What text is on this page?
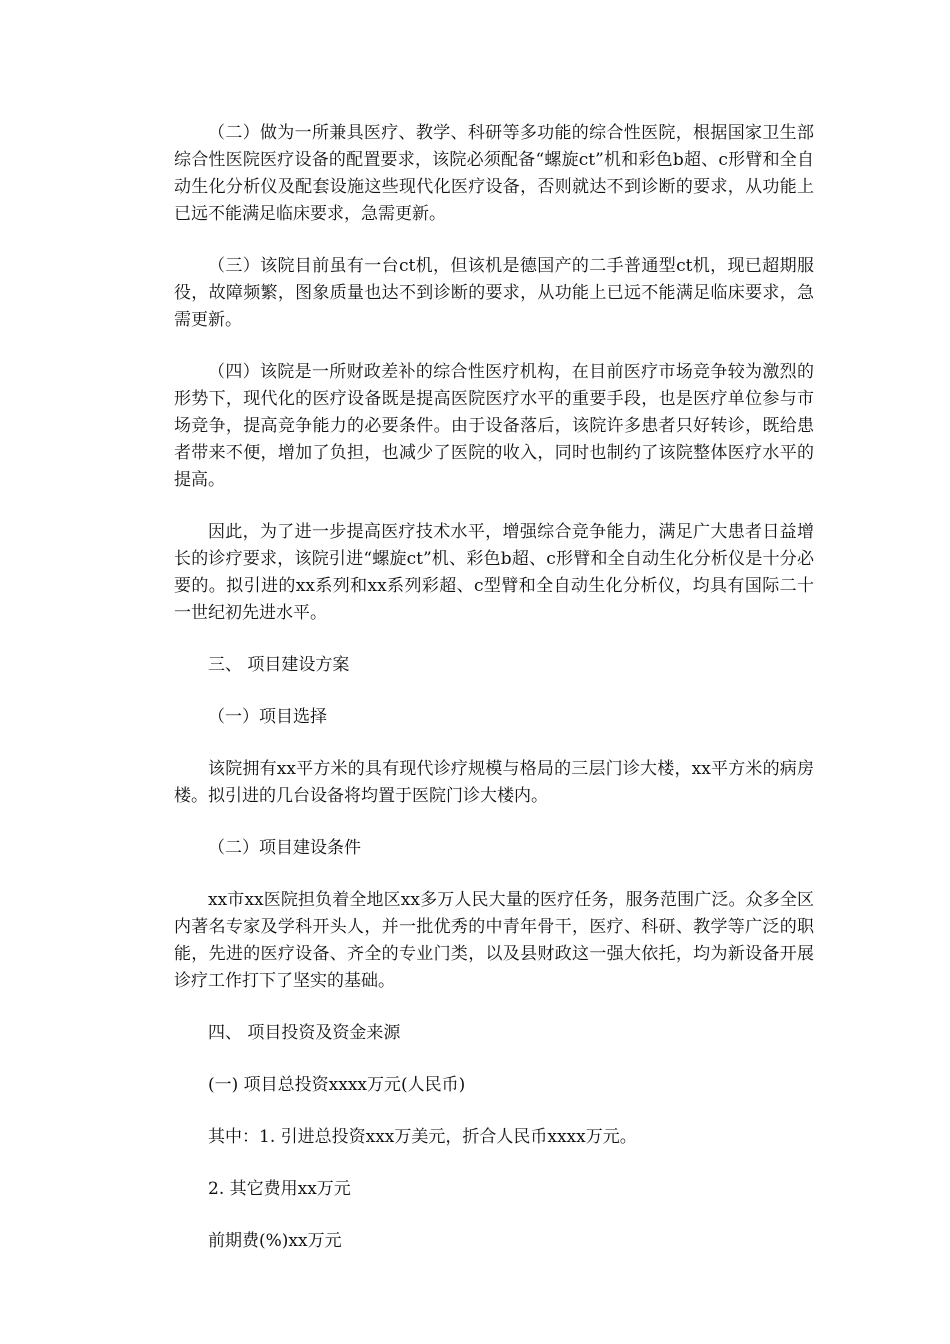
（二）做为一所兼具医疗、教学、科研等多功能的综合性医院，根据国家卫生部综合性医院医疗设备的配置要求，该院必须配备“螺旋ct”机和彩色b超、c形臂和全自动生化分析仪及配套设施这些现代化医疗设备，否则就达不到诊断的要求，从功能上已远不能满足临床要求，急需更新。

（三）该院目前虽有一台ct机，但该机是德国产的二手普通型ct机，现已超期服役，故障频繁，图象质量也达不到诊断的要求，从功能上已远不能满足临床要求，急需更新。

（四）该院是一所财政差补的综合性医疗机构，在目前医疗市场竞争较为激烈的形势下，现代化的医疗设备既是提高医院医疗水平的重要手段，也是医疗单位参与市场竞争，提高竞争能力的必要条件。由于设备落后，该院许多患者只好转诊，既给患者带来不便，增加了负担，也减少了医院的收入，同时也制约了该院整体医疗水平的提高。

因此，为了进一步提高医疗技术水平，增强综合竞争能力，满足广大患者日益增长的诊疗要求，该院引进“螺旋ct”机、彩色b超、c形臂和全自动生化分析仪是十分必要的。拟引进的xx系列和xx系列彩超、c型臂和全自动生化分析仪，均具有国际二十一世纪初先进水平。

三、 项目建设方案

（一）项目选择

该院拥有xx平方米的具有现代诊疗规模与格局的三层门诊大楼，xx平方米的病房楼。拟引进的几台设备将均置于医院门诊大楼内。

（二）项目建设条件

xx市xx医院担负着全地区xx多万人民大量的医疗任务，服务范围广泛。众多全区内著名专家及学科开头人，并一批优秀的中青年骨干，医疗、科研、教学等广泛的职能，先进的医疗设备、齐全的专业门类，以及县财政这一强大依托，均为新设备开展诊疗工作打下了坚实的基础。

四、 项目投资及资金来源

(一) 项目总投资xxxx万元(人民币)

其中：1. 引进总投资xxx万美元，折合人民币xxxx万元。

2. 其它费用xx万元

前期费(%)xx万元
